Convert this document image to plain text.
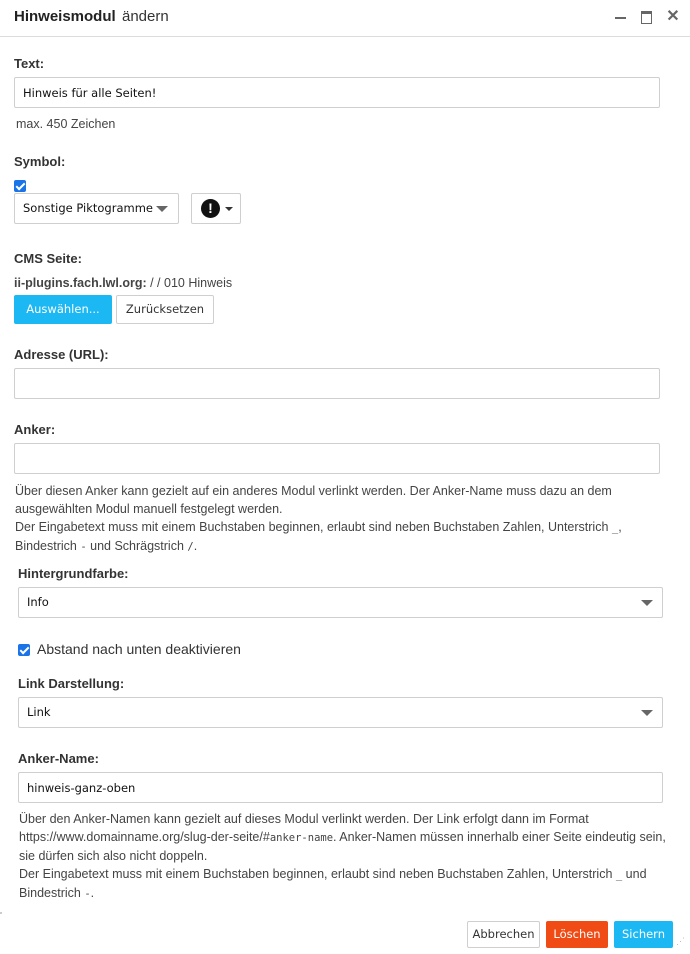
Hinweismodul ändern	✕
Text:
Hinweis für alle Seiten!
max. 450 Zeichen
Symbol:
Sonstige Piktogramme	!
CMS Seite:
ii-plugins.fach.lwl.org: / / 010 Hinweis
Auswählen...	Zurücksetzen
Adresse (URL):
Anker:

Über diesen Anker kann gezielt auf ein anderes Modul verlinkt werden. Der Anker-Name muss dazu an dem ausgewählten Modul manuell festgelegt werden.

Der Eingabetext muss mit einem Buchstaben beginnen, erlaubt sind neben Buchstaben Zahlen, Unterstrich _, Bindestrich - und Schrägstrich /.

Hintergrundfarbe:
Info
Abstand nach unten deaktivieren
Link Darstellung:
Link
Anker-Name:
hinweis-ganz-oben

Über den Anker-Namen kann gezielt auf dieses Modul verlinkt werden. Der Link erfolgt dann im Format https://www.domainname.org/slug-der-seite/#anker-name. Anker-Namen müssen innerhalb einer Seite eindeutig sein, sie dürfen sich also nicht doppeln.

Der Eingabetext muss mit einem Buchstaben beginnen, erlaubt sind neben Buchstaben Zahlen, Unterstrich _ und Bindestrich -.

Abbrechen	Löschen	Sichern	⋰
